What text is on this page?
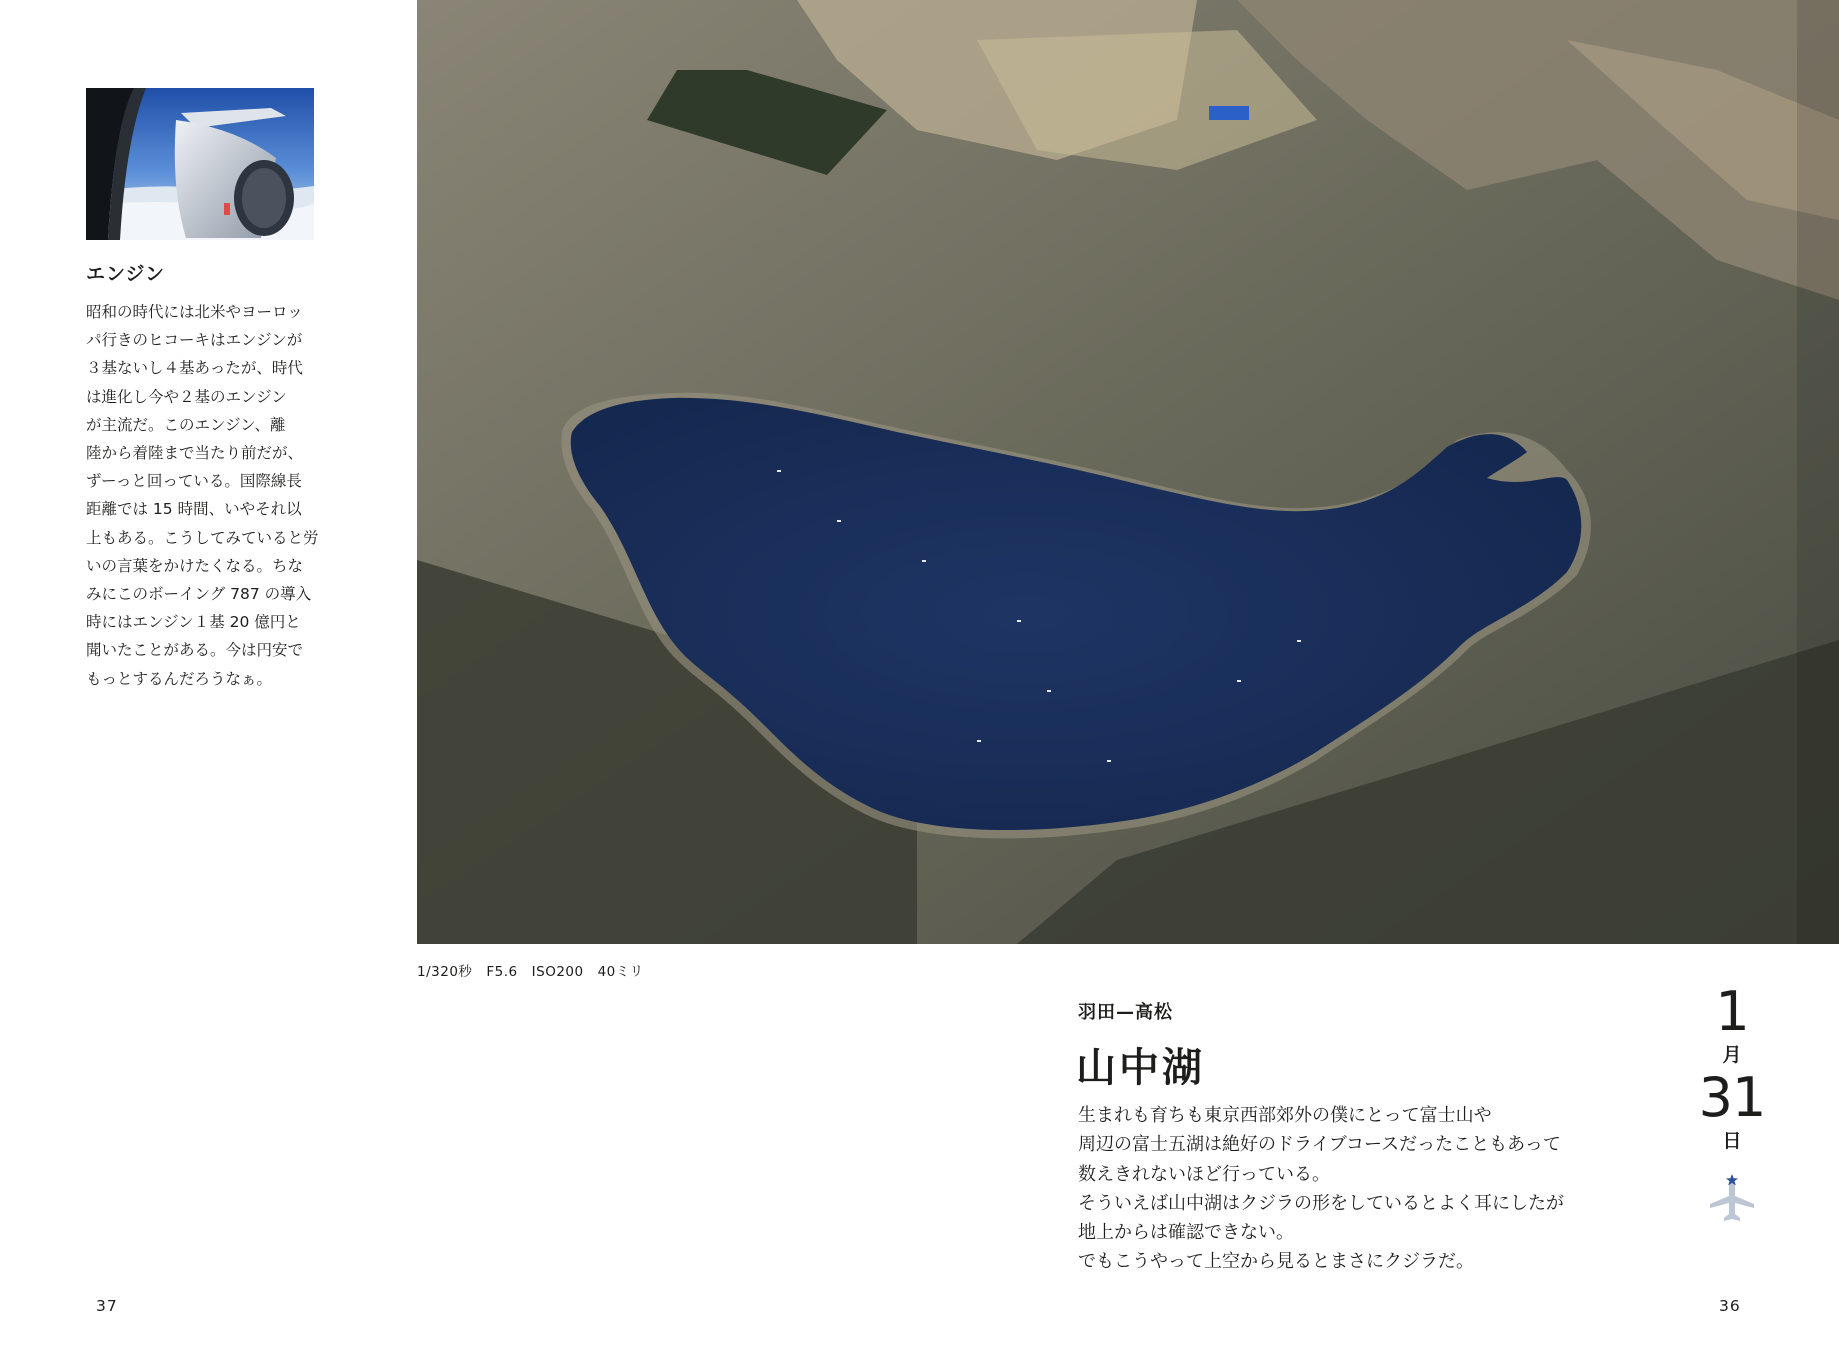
エンジン
昭和の時代には北米やヨーロッ
パ行きのヒコーキはエンジンが
３基ないし４基あったが、時代
は進化し今や２基のエンジン
が主流だ。このエンジン、離
陸から着陸まで当たり前だが、
ずーっと回っている。国際線長
距離では 15 時間、いやそれ以
上もある。こうしてみていると労
いの言葉をかけたくなる。ちな
みにこのボーイング 787 の導入
時にはエンジン１基 20 億円と
聞いたことがある。今は円安で
もっとするんだろうなぁ。
1/320秒　F5.6　ISO200　40ミリ
羽田—高松
山中湖
生まれも育ちも東京西部郊外の僕にとって富士山や
周辺の富士五湖は絶好のドライブコースだったこともあって
数えきれないほど行っている。
そういえば山中湖はクジラの形をしているとよく耳にしたが
地上からは確認できない。
でもこうやって上空から見るとまさにクジラだ。
1
月
31
日
37	36
